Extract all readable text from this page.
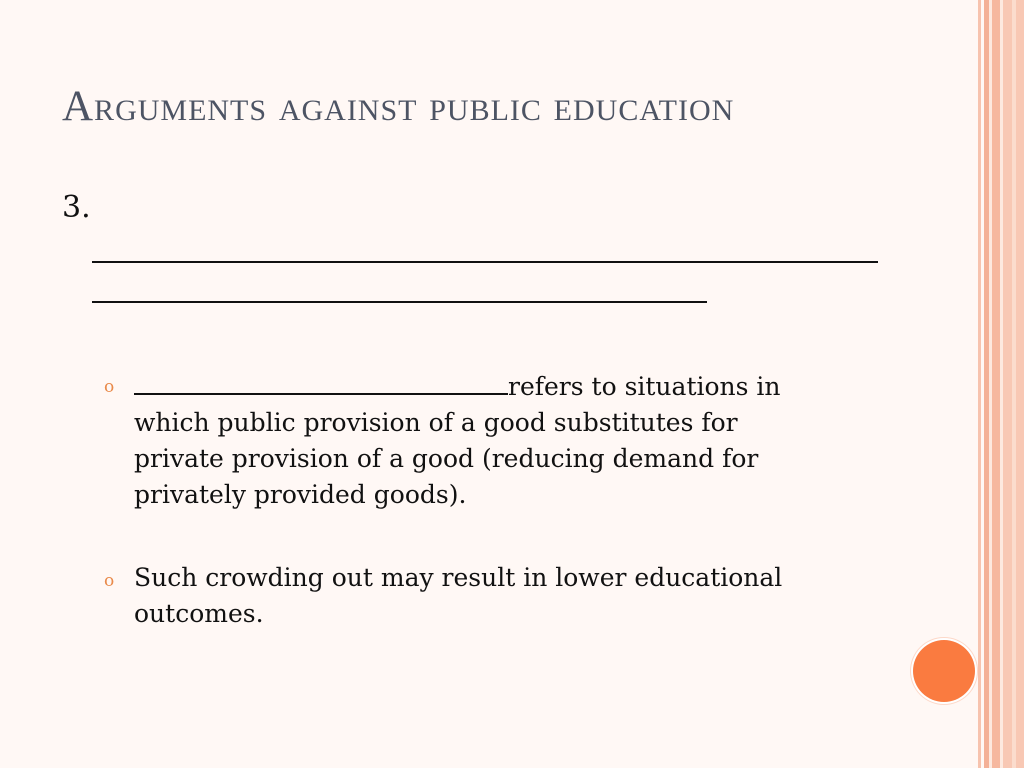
Arguments against public education
3.
o	refers to situations in which public provision of a good substitutes for private provision of a good (reducing demand for privately provided goods).
o Such crowding out may result in lower educational outcomes.
